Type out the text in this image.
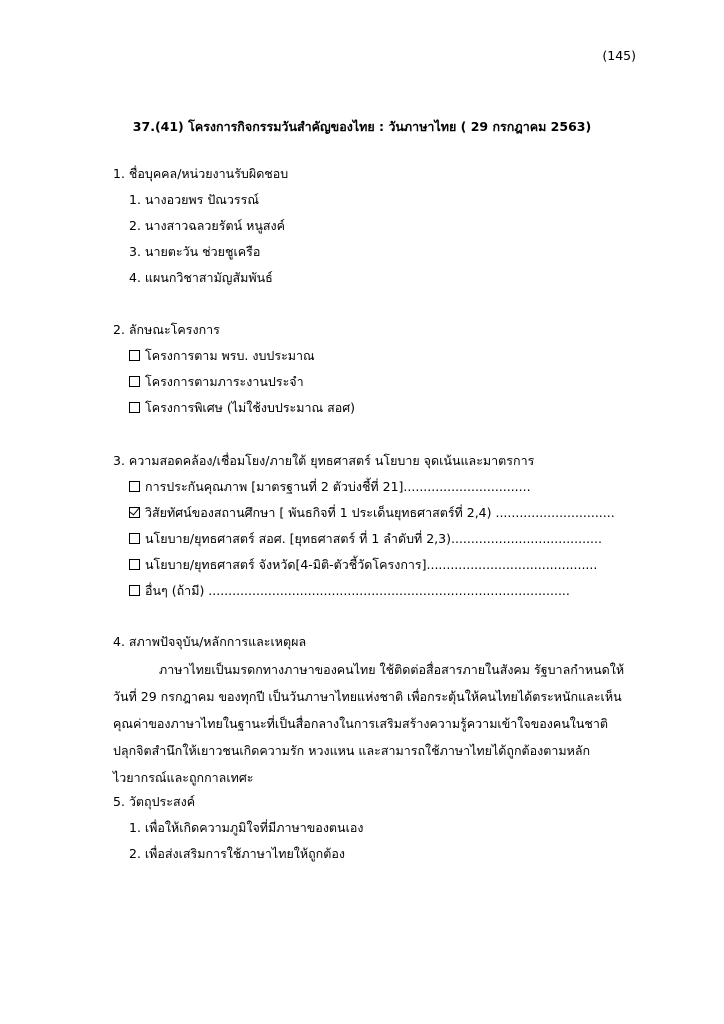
(145)
37.(41) โครงการกิจกรรมวันสำคัญของไทย : วันภาษาไทย ( 29 กรกฎาคม 2563)
1. ชื่อบุคคล/หน่วยงานรับผิดชอบ
1. นางอวยพร ปัณวรรณ์
2. นางสาวฉลวยรัตน์ หนูสงค์
3. นายตะวัน ช่วยชูเครือ
4. แผนกวิชาสามัญสัมพันธ์
2. ลักษณะโครงการ
โครงการตาม พรบ. งบประมาณ
โครงการตามภาระงานประจำ
โครงการพิเศษ (ไม่ใช้งบประมาณ สอศ)
3. ความสอดคล้อง/เชื่อมโยง/ภายใต้ ยุทธศาสตร์ นโยบาย จุดเน้นและมาตรการ
การประกันคุณภาพ [มาตรฐานที่ 2 ตัวบ่งชี้ที่ 21]................................
วิสัยทัศน์ของสถานศึกษา [ พันธกิจที่ 1 ประเด็นยุทธศาสตร์ที่ 2,4) ..............................
นโยบาย/ยุทธศาสตร์ สอศ. [ยุทธศาสตร์ ที่ 1 ลำดับที่ 2,3)......................................
นโยบาย/ยุทธศาสตร์ จังหวัด[4-มิติ-ตัวชี้วัดโครงการ]...........................................
อื่นๆ (ถ้ามี) ...........................................................................................
4. สภาพปัจจุบัน/หลักการและเหตุผล
ภาษาไทยเป็นมรดกทางภาษาของคนไทย ใช้ติดต่อสื่อสารภายในสังคม รัฐบาลกำหนดให้วันที่ 29 กรกฎาคม ของทุกปี เป็นวันภาษาไทยแห่งชาติ เพื่อกระตุ้นให้คนไทยได้ตระหนักและเห็นคุณค่าของภาษาไทยในฐานะที่เป็นสื่อกลางในการเสริมสร้างความรู้ความเข้าใจของคนในชาติ ปลุกจิตสำนึกให้เยาวชนเกิดความรัก หวงแหน และสามารถใช้ภาษาไทยได้ถูกต้องตามหลักไวยากรณ์และถูกกาลเทศะ
5. วัตถุประสงค์
1. เพื่อให้เกิดความภูมิใจที่มีภาษาของตนเอง
2. เพื่อส่งเสริมการใช้ภาษาไทยให้ถูกต้อง
